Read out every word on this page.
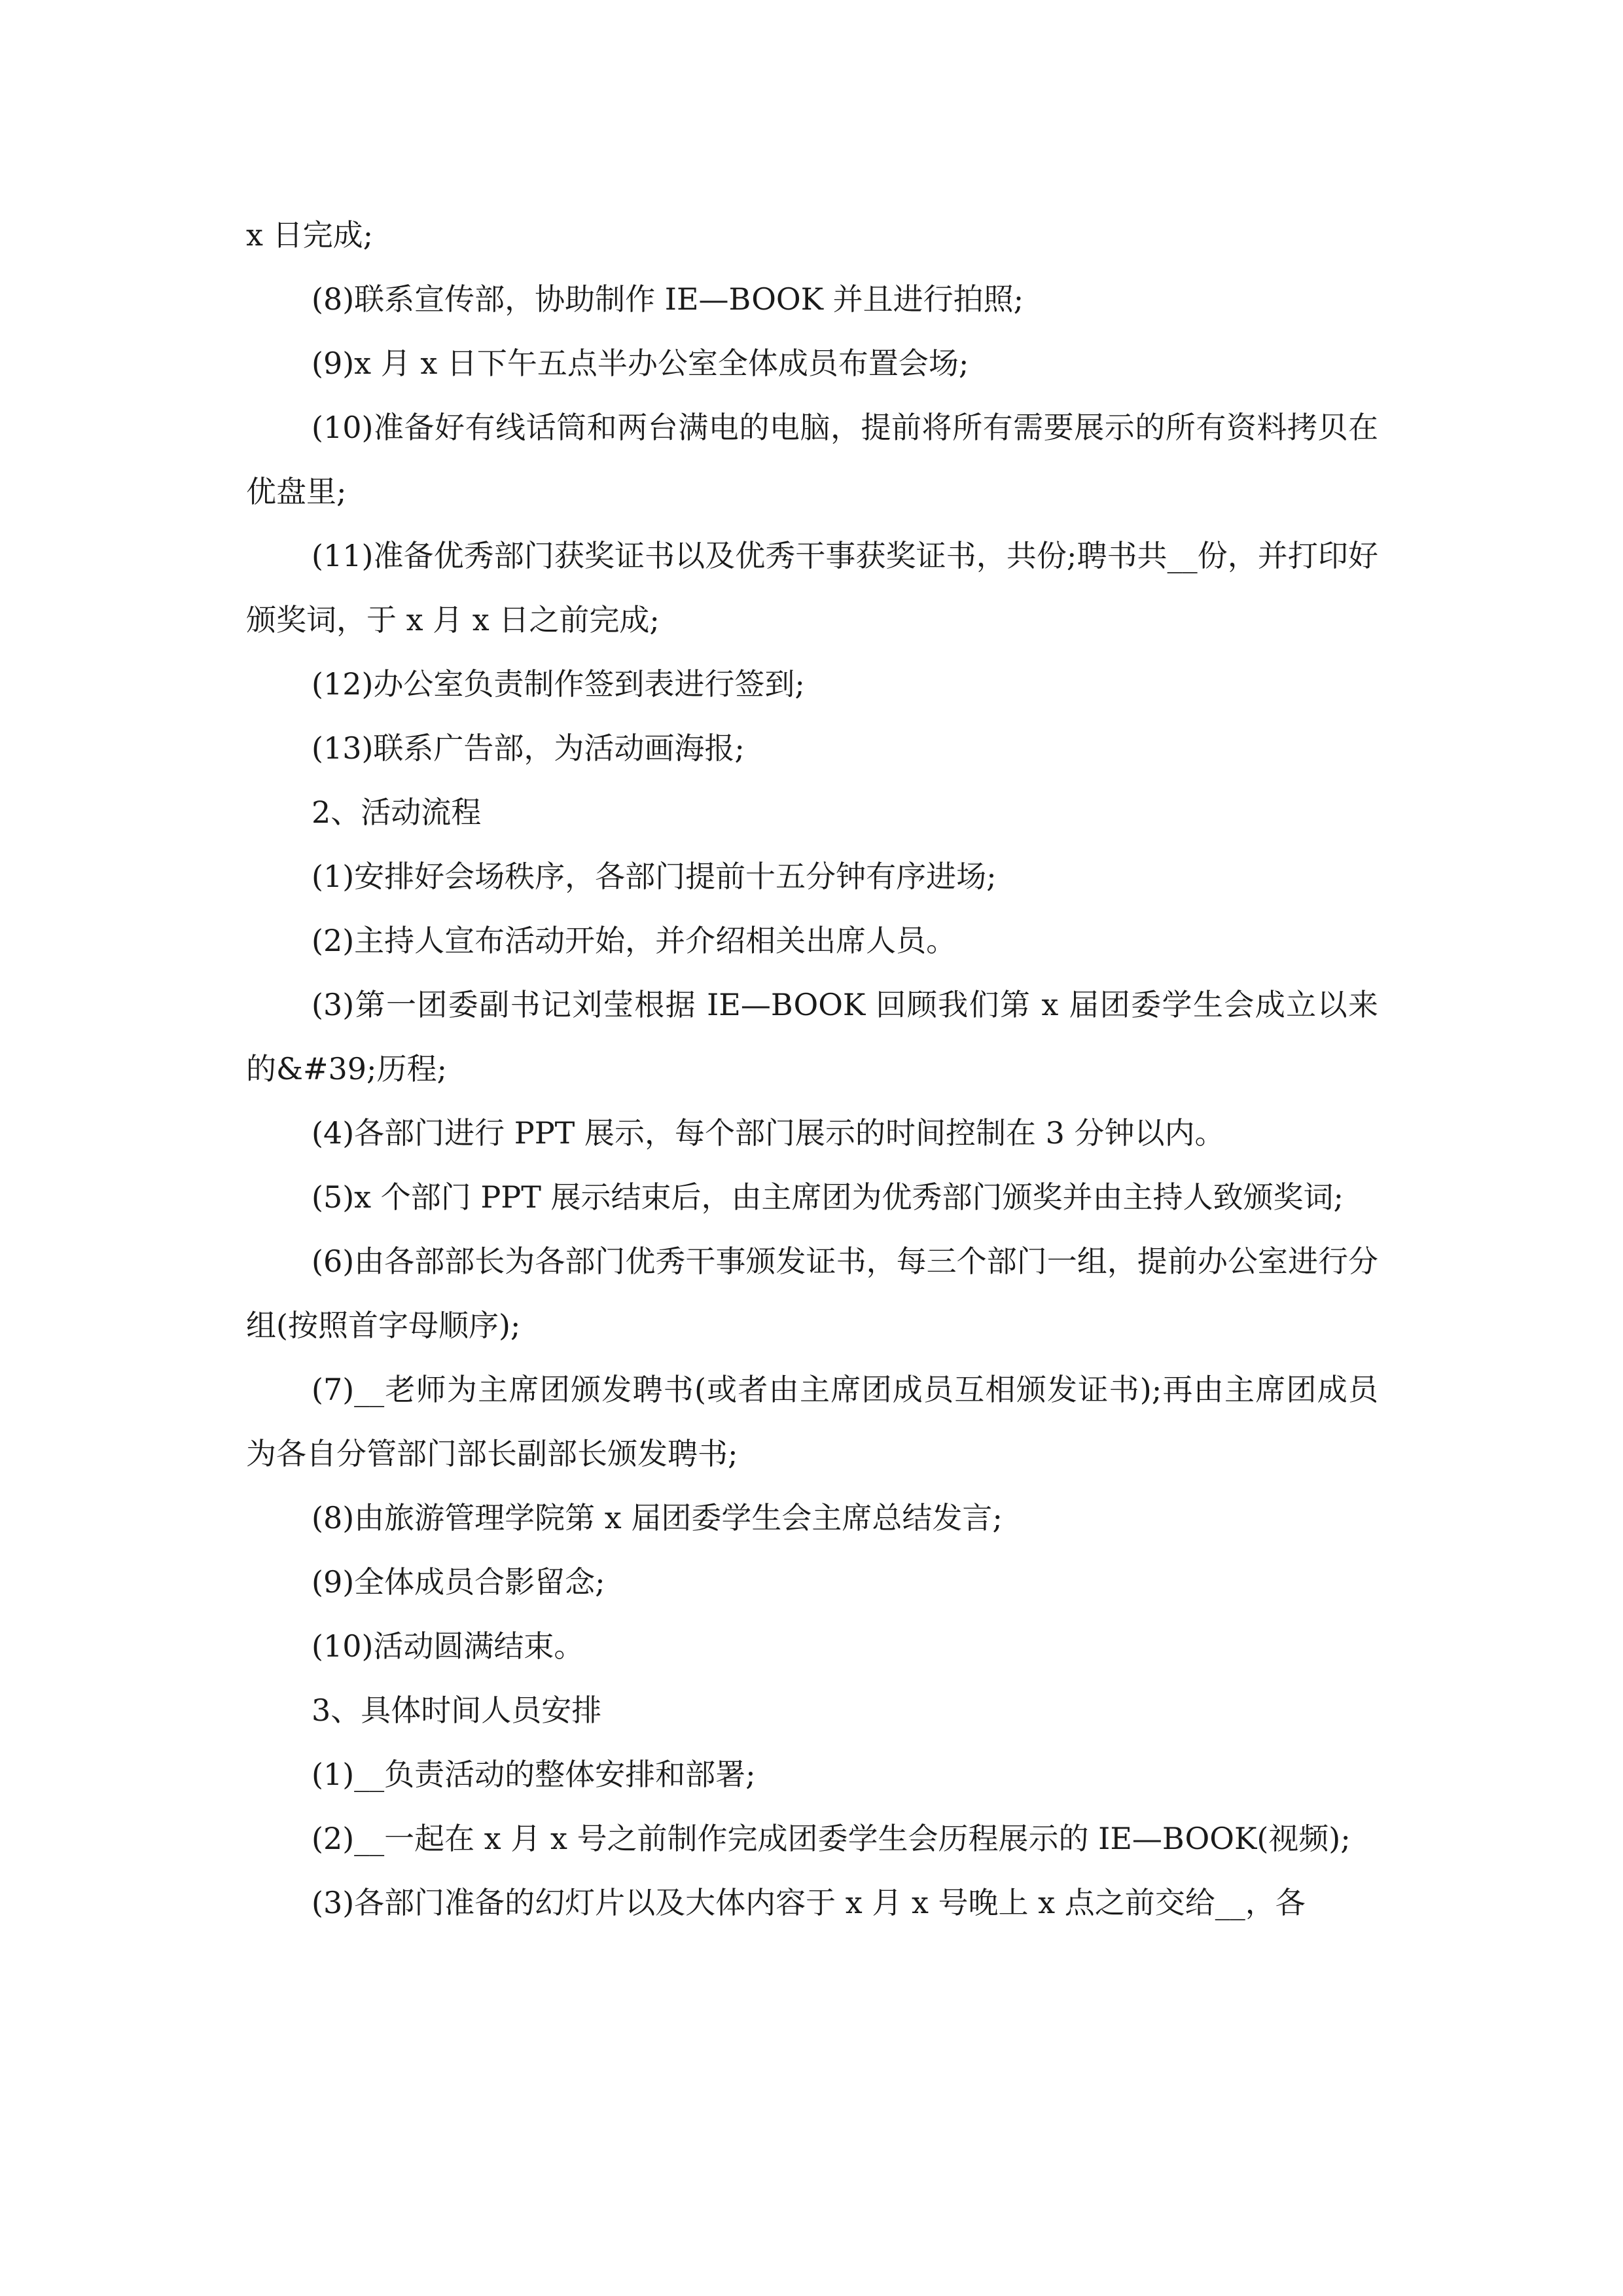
x 日完成;

(8)联系宣传部，协助制作 IE—BOOK 并且进行拍照;

(9)x 月 x 日下午五点半办公室全体成员布置会场;

(10)准备好有线话筒和两台满电的电脑，提前将所有需要展示的所有资料拷贝在优盘里;

(11)准备优秀部门获奖证书以及优秀干事获奖证书，共份;聘书共__份，并打印好颁奖词，于 x 月 x 日之前完成;

(12)办公室负责制作签到表进行签到;

(13)联系广告部，为活动画海报;

2、活动流程

(1)安排好会场秩序，各部门提前十五分钟有序进场;

(2)主持人宣布活动开始，并介绍相关出席人员。

(3)第一团委副书记刘莹根据 IE—BOOK 回顾我们第 x 届团委学生会成立以来的&#39;历程;

(4)各部门进行 PPT 展示，每个部门展示的时间控制在 3 分钟以内。

(5)x 个部门 PPT 展示结束后，由主席团为优秀部门颁奖并由主持人致颁奖词;

(6)由各部部长为各部门优秀干事颁发证书，每三个部门一组，提前办公室进行分组(按照首字母顺序);

(7)__老师为主席团颁发聘书(或者由主席团成员互相颁发证书);再由主席团成员为各自分管部门部长副部长颁发聘书;

(8)由旅游管理学院第 x 届团委学生会主席总结发言;

(9)全体成员合影留念;

(10)活动圆满结束。

3、具体时间人员安排

(1)__负责活动的整体安排和部署;

(2)__一起在 x 月 x 号之前制作完成团委学生会历程展示的 IE—BOOK(视频);

(3)各部门准备的幻灯片以及大体内容于 x 月 x 号晚上 x 点之前交给__，各
